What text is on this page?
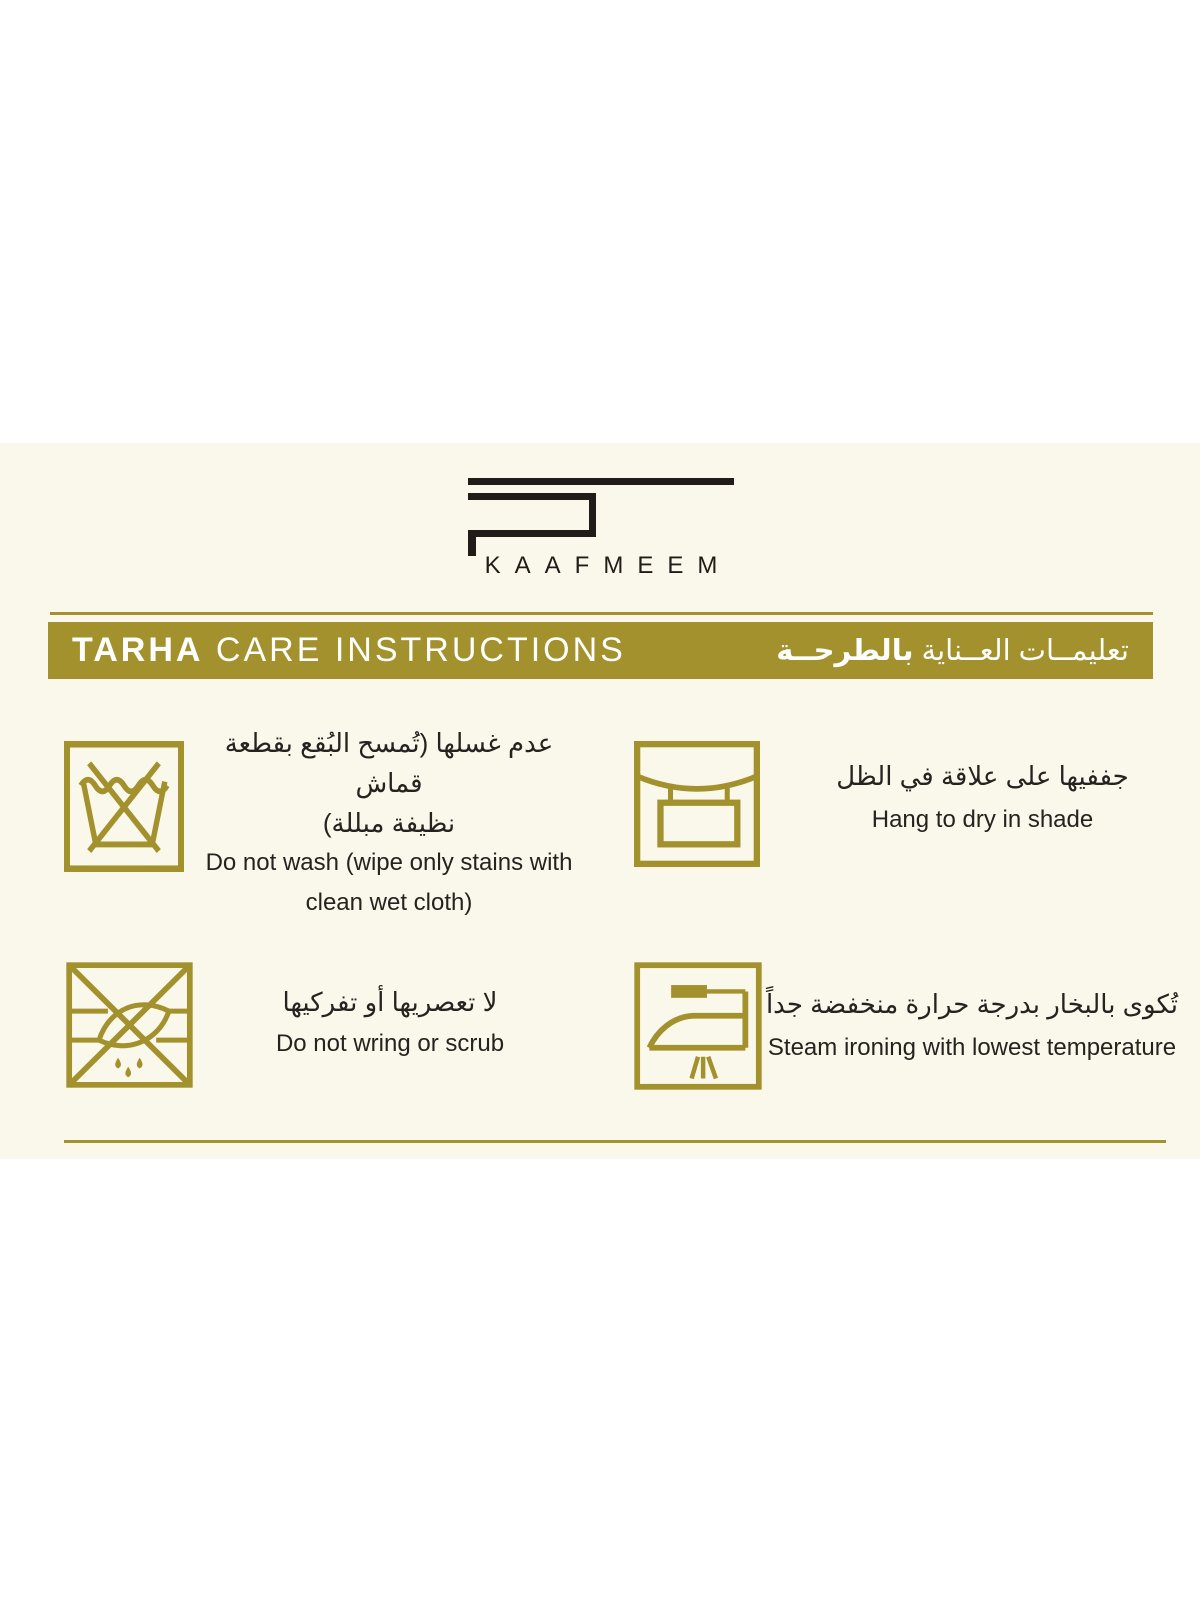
KAAFMEEM
TARHA CARE INSTRUCTIONS	تعليمــات العــناية بالطرحــة
عدم غسلها (تُمسح البُقع بقطعة قماش
نظيفة مبللة)
Do not wash (wipe only stains with
clean wet cloth)
جففيها على علاقة في الظل
Hang to dry in shade
لا تعصريها أو تفركيها
Do not wring or scrub
تُكوى بالبخار بدرجة حرارة منخفضة جداً
Steam ironing with lowest temperature
